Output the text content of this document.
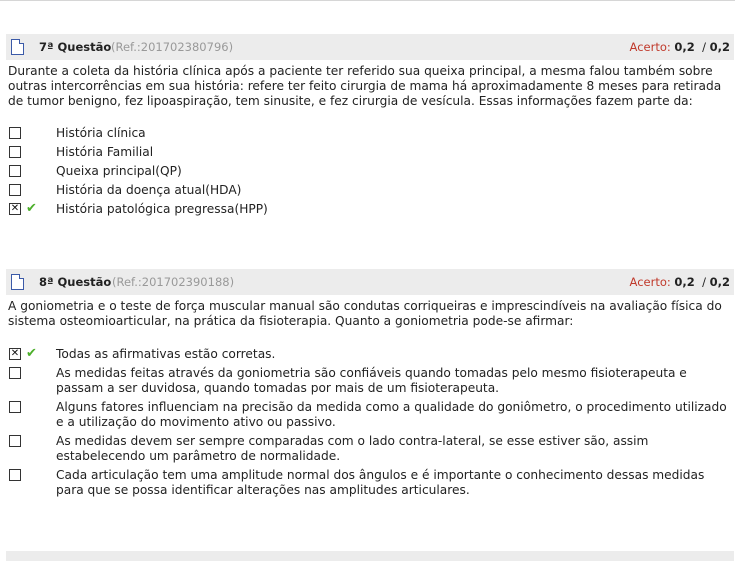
7ª Questão (Ref.:201702380796)	Acerto: 0,2 / 0,2
Durante a coleta da história clínica após a paciente ter referido sua queixa principal, a mesma falou também sobre outras intercorrências em sua história: refere ter feito cirurgia de mama há aproximadamente 8 meses para retirada de tumor benigno, fez lipoaspiração, tem sinusite, e fez cirurgia de vesícula. Essas informações fazem parte da:
História clínica
História Familial
Queixa principal(QP)
História da doença atual(HDA)
✕ ✔ História patológica pregressa(HPP)
8ª Questão (Ref.:201702390188)	Acerto: 0,2 / 0,2
A goniometria e o teste de força muscular manual são condutas corriqueiras e imprescindíveis na avaliação física do sistema osteomioarticular, na prática da fisioterapia. Quanto a goniometria pode-se afirmar:
✕ ✔ Todas as afirmativas estão corretas.
As medidas feitas através da goniometria são confiáveis quando tomadas pelo mesmo fisioterapeuta e passam a ser duvidosa, quando tomadas por mais de um fisioterapeuta.
Alguns fatores influenciam na precisão da medida como a qualidade do goniômetro, o procedimento utilizado e a utilização do movimento ativo ou passivo.
As medidas devem ser sempre comparadas com o lado contra-lateral, se esse estiver são, assim estabelecendo um parâmetro de normalidade.
Cada articulação tem uma amplitude normal dos ângulos e é importante o conhecimento dessas medidas para que se possa identificar alterações nas amplitudes articulares.
